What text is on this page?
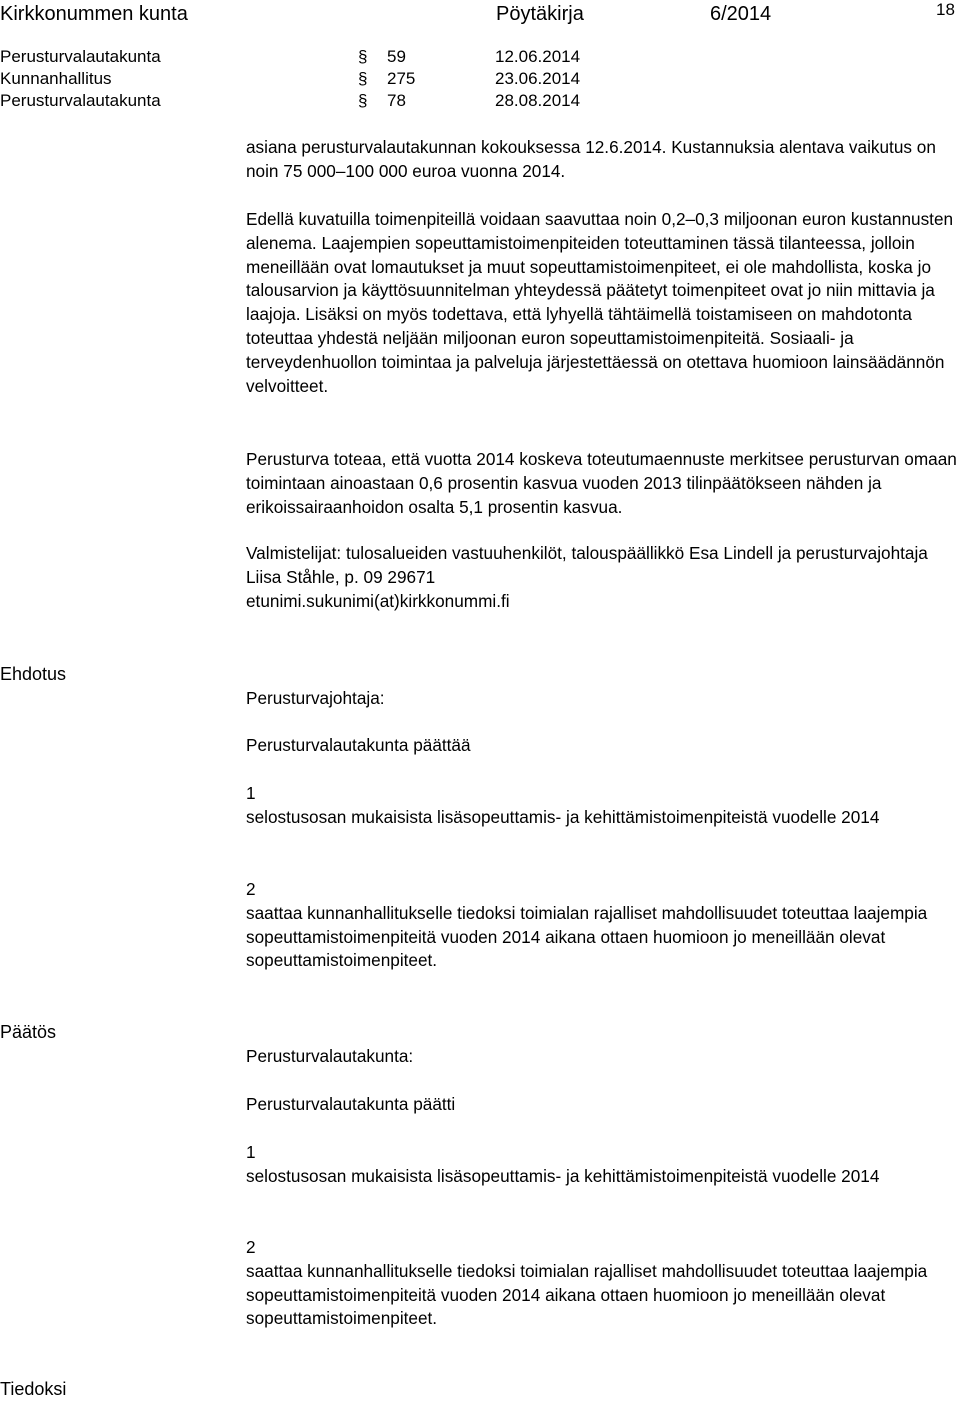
Kirkkonummen kunta	Pöytäkirja	6/2014	18
Perusturvalautakunta	§ 59	12.06.2014
Kunnanhallitus	§ 275	23.06.2014
Perusturvalautakunta	§ 78	28.08.2014

asiana perusturvalautakunnan kokouksessa 12.6.2014. Kustannuksia alentava vaikutus on noin 75 000–100 000 euroa vuonna 2014.

Edellä kuvatuilla toimenpiteillä voidaan saavuttaa noin 0,2–0,3 miljoonan euron kustannusten alenema. Laajempien sopeuttamistoimenpiteiden toteuttaminen tässä tilanteessa, jolloin meneillään ovat lomautukset ja muut sopeuttamistoimenpiteet, ei ole mahdollista, koska jo talousarvion ja käyttösuunnitelman yhteydessä päätetyt toimenpiteet ovat jo niin mittavia ja laajoja. Lisäksi on myös todettava, että lyhyellä tähtäimellä toistamiseen on mahdotonta toteuttaa yhdestä neljään miljoonan euron sopeuttamistoimenpiteitä. Sosiaali- ja terveydenhuollon toimintaa ja palveluja järjestettäessä on otettava huomioon lainsäädännön velvoitteet.

Perusturva toteaa, että vuotta 2014 koskeva toteutumaennuste merkitsee perusturvan omaan toimintaan ainoastaan 0,6 prosentin kasvua vuoden 2013 tilinpäätökseen nähden ja erikoissairaanhoidon osalta 5,1 prosentin kasvua.

Valmistelijat: tulosalueiden vastuuhenkilöt, talouspäällikkö Esa Lindell ja perusturvajohtaja Liisa Ståhle, p. 09 29671

etunimi.sukunimi(at)kirkkonummi.fi

Ehdotus

Perusturvajohtaja:

Perusturvalautakunta päättää

1

selostusosan mukaisista lisäsopeuttamis- ja kehittämistoimenpiteistä vuodelle 2014

2

saattaa kunnanhallitukselle tiedoksi toimialan rajalliset mahdollisuudet toteuttaa laajempia sopeuttamistoimenpiteitä vuoden 2014 aikana ottaen huomioon jo meneillään olevat sopeuttamistoimenpiteet.

Päätös

Perusturvalautakunta:

Perusturvalautakunta päätti

1

selostusosan mukaisista lisäsopeuttamis- ja kehittämistoimenpiteistä vuodelle 2014

2

saattaa kunnanhallitukselle tiedoksi toimialan rajalliset mahdollisuudet toteuttaa laajempia sopeuttamistoimenpiteitä vuoden 2014 aikana ottaen huomioon jo meneillään olevat sopeuttamistoimenpiteet.

Tiedoksi
